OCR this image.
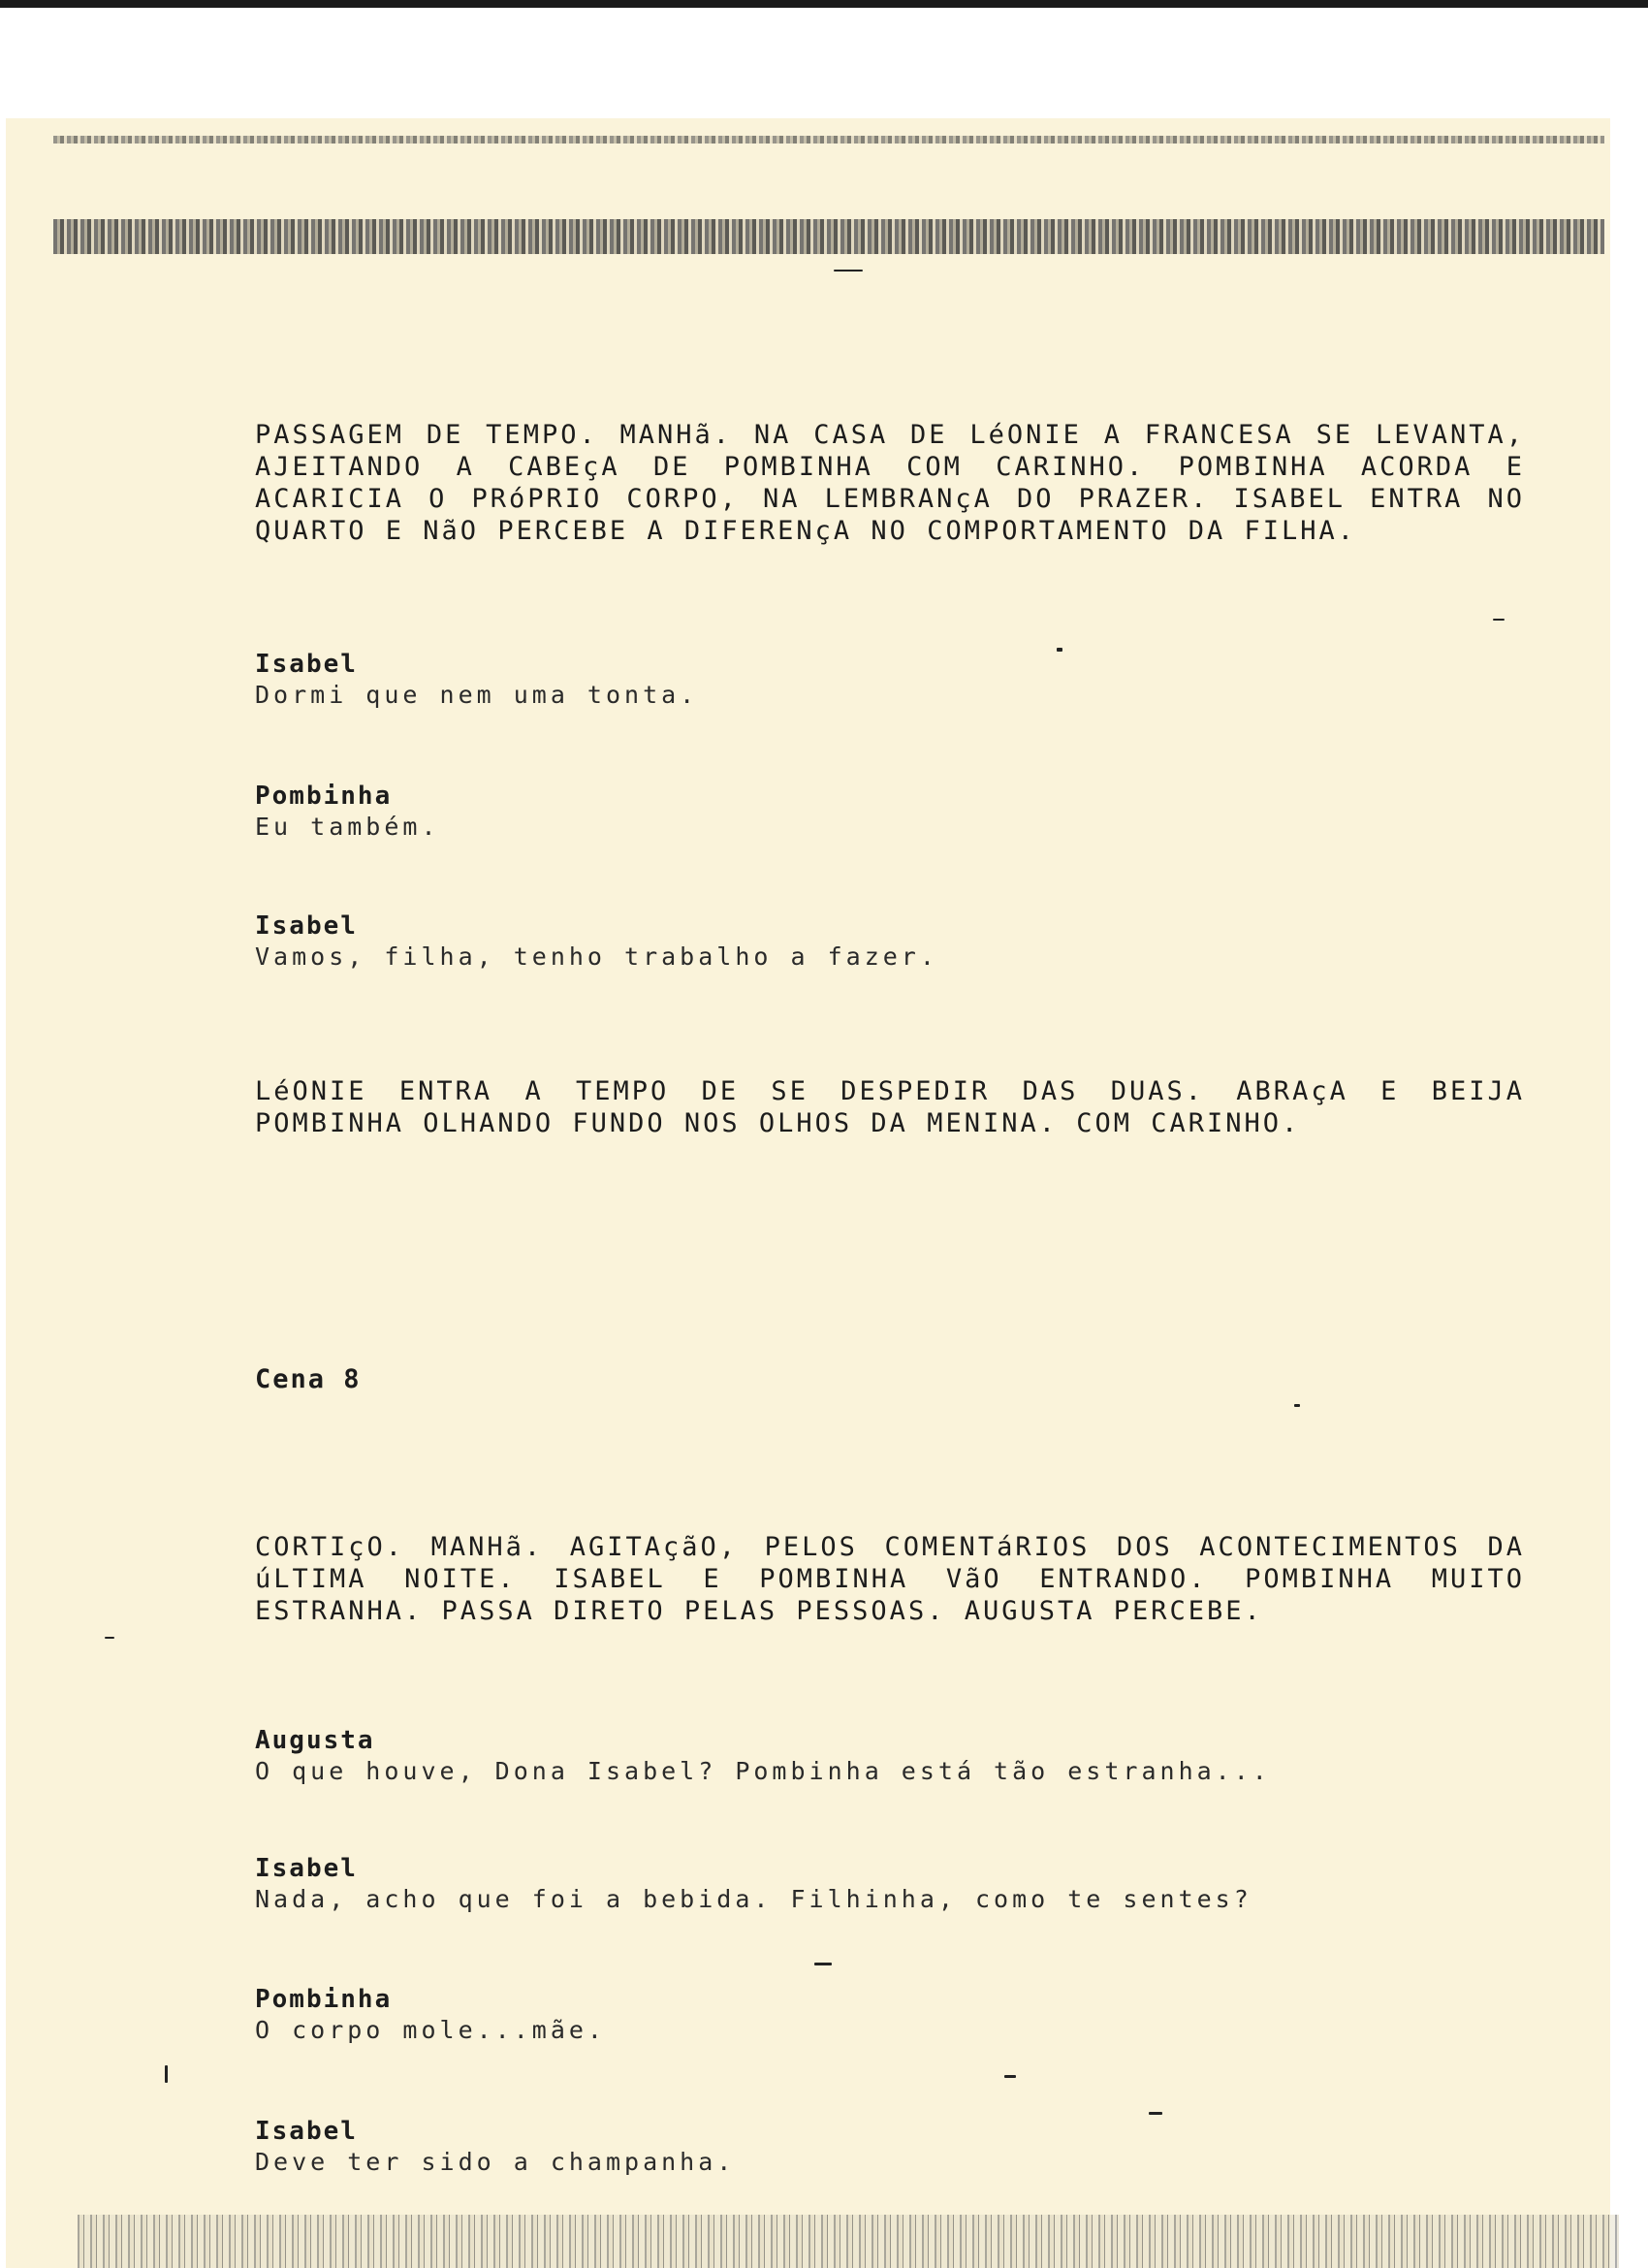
PASSAGEM DE TEMPO. MANHã. NA CASA DE LéONIE A FRANCESA SE LEVANTA, AJEITANDO A CABEçA DE POMBINHA COM CARINHO. POMBINHA ACORDA E ACARICIA O PRóPRIO CORPO, NA LEMBRANçA DO PRAZER. ISABEL ENTRA NO QUARTO E NãO PERCEBE A DIFERENçA NO COMPORTAMENTO DA FILHA.

Isabel

Dormi que nem uma tonta.

Pombinha

Eu também.

Isabel

Vamos, filha, tenho trabalho a fazer.

LéONIE ENTRA A TEMPO DE SE DESPEDIR DAS DUAS. ABRAçA E BEIJA POMBINHA OLHANDO FUNDO NOS OLHOS DA MENINA. COM CARINHO.

Cena 8

CORTIçO. MANHã. AGITAçãO, PELOS COMENTáRIOS DOS ACONTECIMENTOS DA úLTIMA NOITE. ISABEL E POMBINHA VãO ENTRANDO. POMBINHA MUITO ESTRANHA. PASSA DIRETO PELAS PESSOAS. AUGUSTA PERCEBE.

Augusta

O que houve, Dona Isabel? Pombinha está tão estranha...

Isabel

Nada, acho que foi a bebida. Filhinha, como te sentes?

Pombinha

O corpo mole...mãe.

Isabel

Deve ter sido a champanha.
